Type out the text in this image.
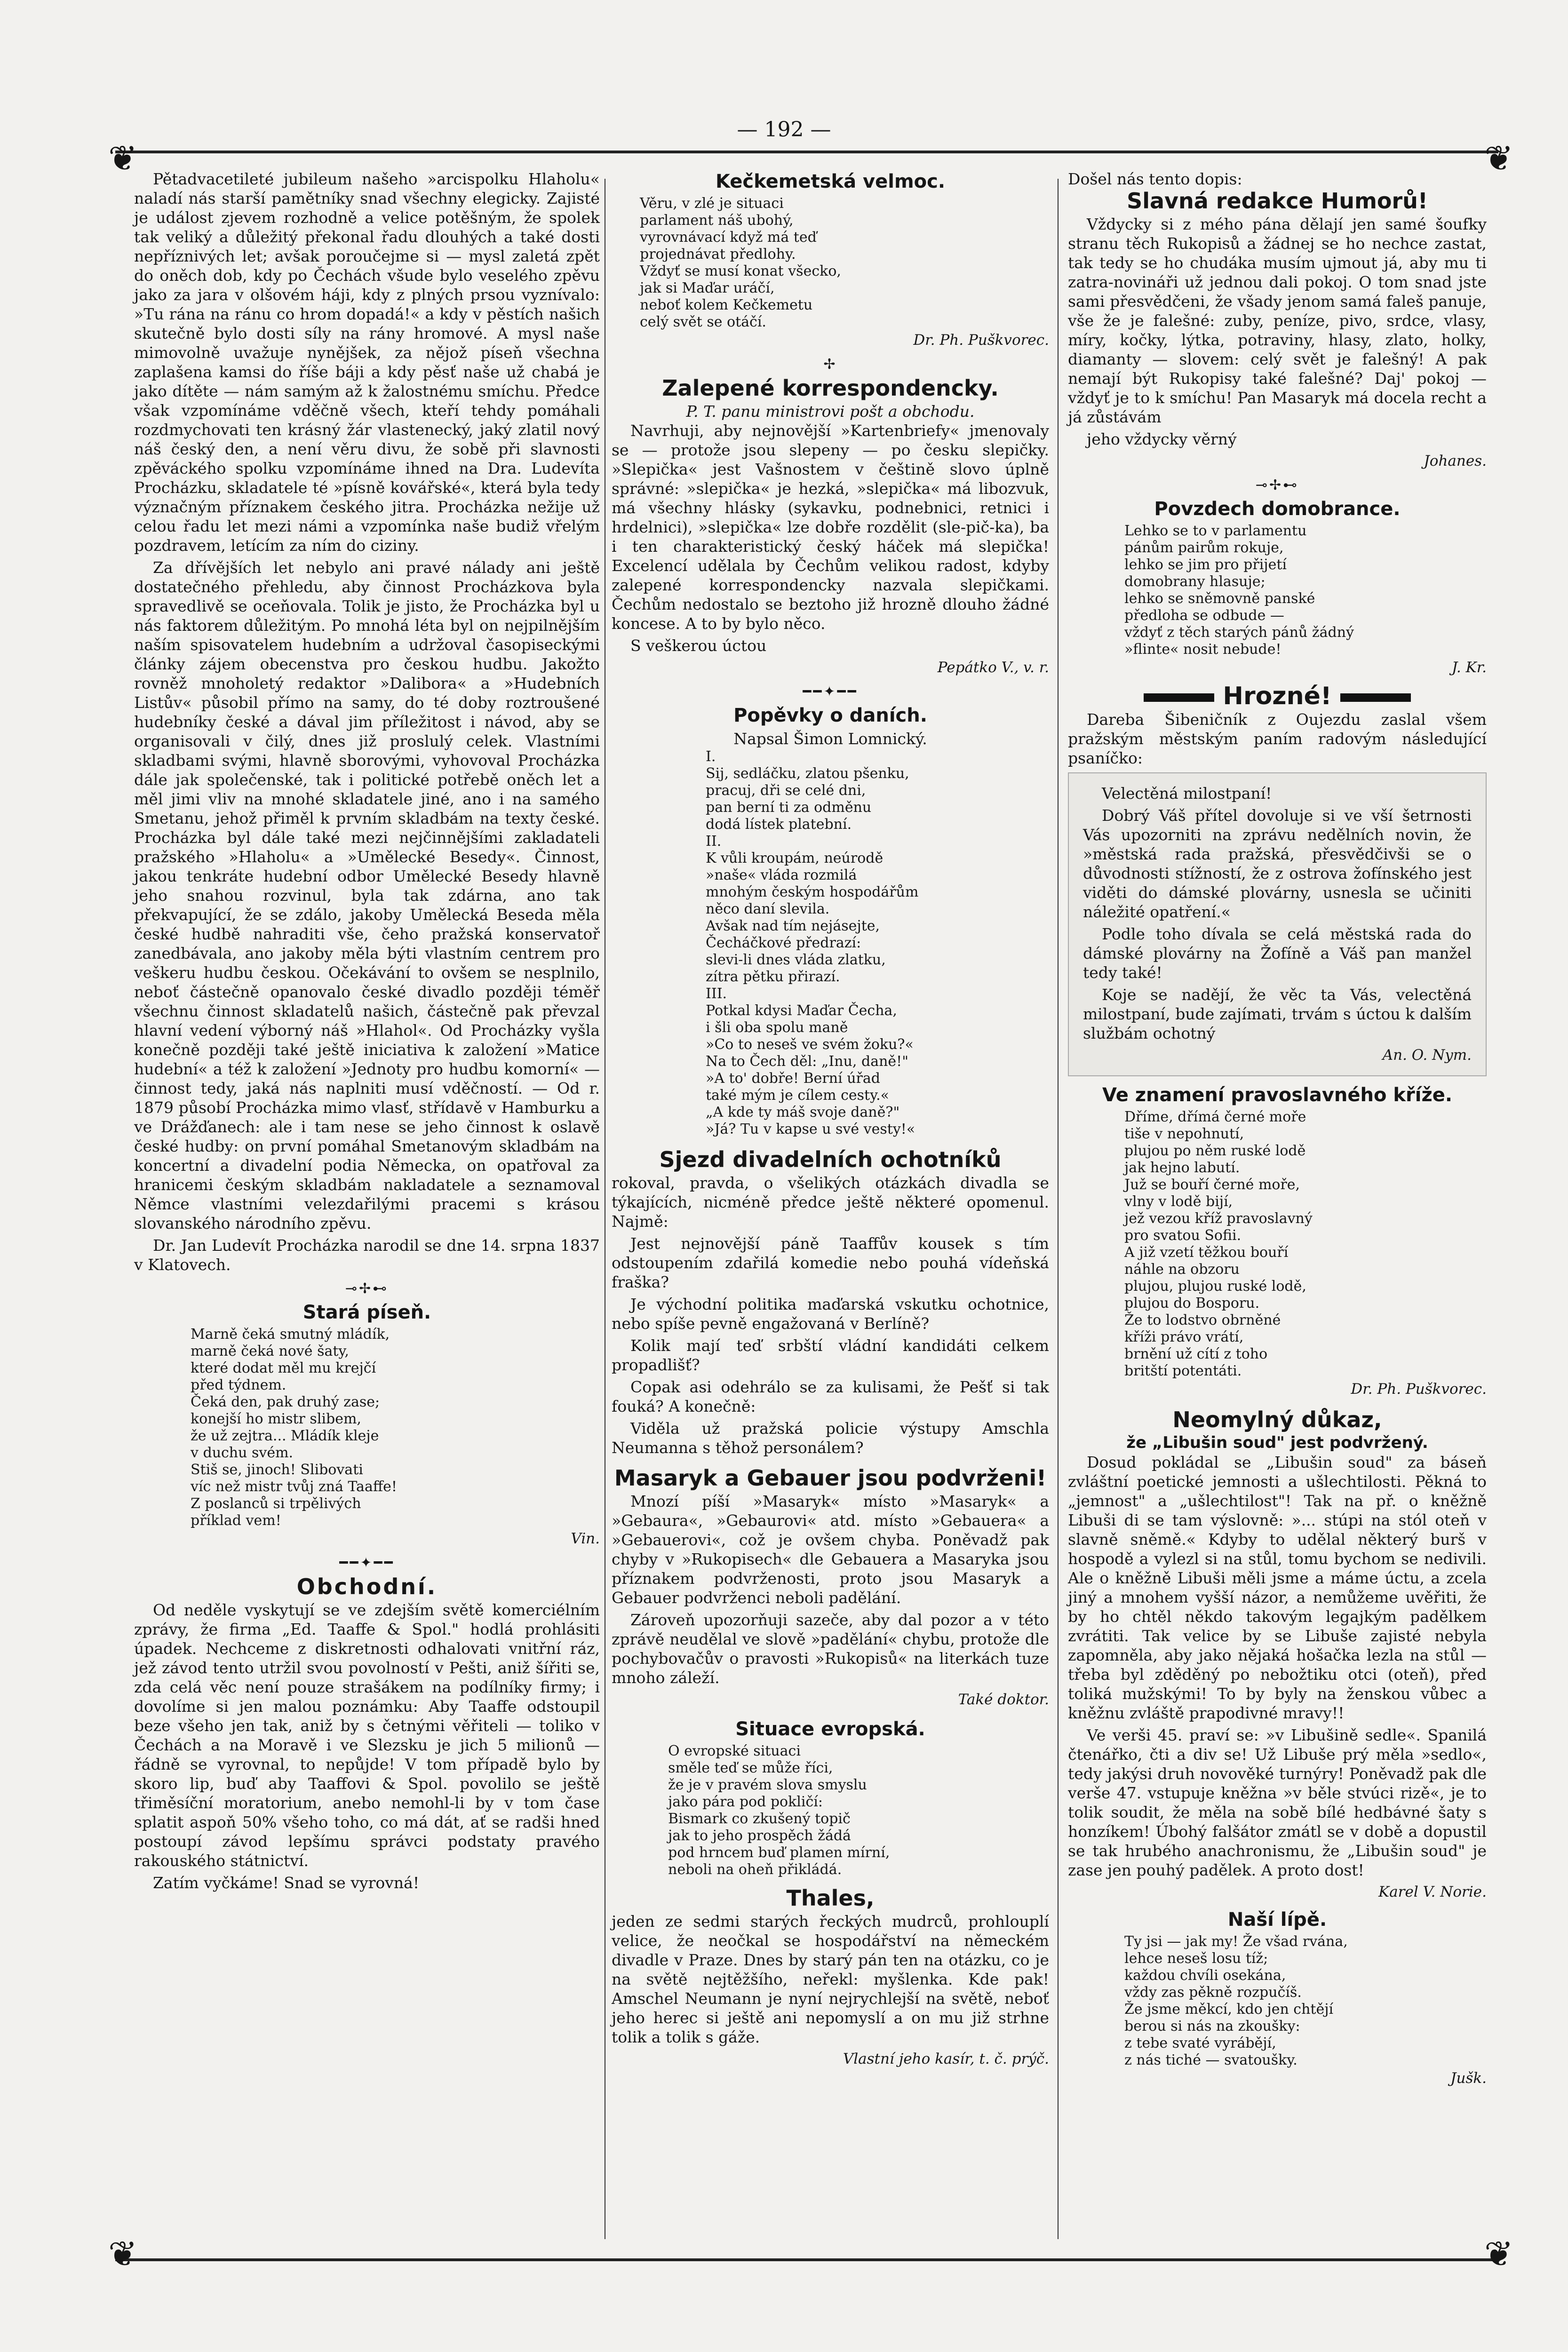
— 192 —
❦	❦
❦	❦

Pětadvacetileté jubileum našeho »arcispolku Hlaholu« naladí nás starší pamětníky snad všechny elegicky. Zajisté je událost zjevem rozhodně a velice potěšným, že spolek tak veliký a důležitý překonal řadu dlouhých a také dosti nepříznivých let; avšak poroučejme si — mysl zaletá zpět do oněch dob, kdy po Čechách všude bylo veselého zpěvu jako za jara v olšovém háji, kdy z plných prsou vyznívalo: »Tu rána na ránu co hrom dopadá!« a kdy v pěstích našich skutečně bylo dosti síly na rány hromové. A mysl naše mimovolně uvažuje nynějšek, za nějož píseň všechna zaplašena kamsi do říše báji a kdy pěsť naše už chabá je jako dítěte — nám samým až k žalostnému smíchu. Předce však vzpomínáme vděčně všech, kteří tehdy pomáhali rozdmychovati ten krásný žár vlastenecký, jaký zlatil nový náš český den, a není věru divu, že sobě při slavnosti zpěváckého spolku vzpomínáme ihned na Dra. Ludevíta Procházku, skladatele té »písně kovářské«, která byla tedy význačným příznakem českého jitra. Procházka nežije už celou řadu let mezi námi a vzpomínka naše budiž vřelým pozdravem, letícím za ním do ciziny.

Za dřívějších let nebylo ani pravé nálady ani ještě dostatečného přehledu, aby činnost Procházkova byla spravedlivě se oceňovala. Tolik je jisto, že Procházka byl u nás faktorem důležitým. Po mnohá léta byl on nejpilnějším naším spisovatelem hudebním a udržoval časopiseckými články zájem obecenstva pro českou hudbu. Jakožto rovněž mnoholetý redaktor »Dalibora« a »Hudebních Listův« působil přímo na samy, do té doby roztroušené hudebníky české a dával jim příležitost i návod, aby se organisovali v čilý, dnes již proslulý celek. Vlastními skladbami svými, hlavně sborovými, vyhovoval Procházka dále jak společenské, tak i politické potřebě oněch let a měl jimi vliv na mnohé skladatele jiné, ano i na samého Smetanu, jehož přiměl k prvním skladbám na texty české. Procházka byl dále také mezi nejčinnějšími zakladateli pražského »Hlaholu« a »Umělecké Besedy«. Činnost, jakou tenkráte hudební odbor Umělecké Besedy hlavně jeho snahou rozvinul, byla tak zdárna, ano tak překvapující, že se zdálo, jakoby Umělecká Beseda měla české hudbě nahraditi vše, čeho pražská konservatoř zanedbávala, ano jakoby měla býti vlastním centrem pro veškeru hudbu českou. Očekávání to ovšem se nesplnilo, neboť částečně opanovalo české divadlo později téměř všechnu činnost skladatelů našich, částečně pak převzal hlavní vedení výborný náš »Hlahol«. Od Procházky vyšla konečně později také ještě iniciativa k založení »Matice hudební« a též k založení »Jednoty pro hudbu komorní« — činnost tedy, jaká nás naplniti musí vděčností. — Od r. 1879 působí Procházka mimo vlasť, střídavě v Hamburku a ve Drážďanech: ale i tam nese se jeho činnost k oslavě české hudby: on první pomáhal Smetanovým skladbám na koncertní a divadelní podia Německa, on opatřoval za hranicemi českým skladbám nakladatele a seznamoval Němce vlastními velezdařilými pracemi s krásou slovanského národního zpěvu.

Dr. Jan Ludevít Procházka narodil se dne 14. srpna 1837 v Klatovech.

⊸✢⊷
Stará píseň.
Marně čeká smutný mládík,
marně čeká nové šaty,
které dodat měl mu krejčí
před týdnem.
Čeká den, pak druhý zase;
konejší ho mistr slibem,
že už zejtra... Mládík kleje
v duchu svém.
Stiš se, jinoch! Slibovati
víc než mistr tvůj zná Taaffe!
Z poslanců si trpělivých
příklad vem!
Vin.
━━✦━━
Obchodní.

Od neděle vyskytují se ve zdejším světě komerciélním zprávy, že firma „Ed. Taaffe & Spol." hodlá prohlásiti úpadek. Nechceme z diskretnosti odhalovati vnitřní ráz, jež závod tento utržil svou povolností v Pešti, aniž šířiti se, zda celá věc není pouze strašákem na podílníky firmy; i dovolíme si jen malou poznámku: Aby Taaffe odstoupil beze všeho jen tak, aniž by s četnými věřiteli — toliko v Čechách a na Moravě i ve Slezsku je jich 5 milionů — řádně se vyrovnal, to nepůjde! V tom případě bylo by skoro lip, buď aby Taaffovi & Spol. povolilo se ještě třiměsíční moratorium, anebo nemohl-li by v tom čase splatit aspoň 50% všeho toho, co má dát, ať se radši hned postoupí závod lepšímu správci podstaty pravého rakouského státnictví.

Zatím vyčkáme! Snad se vyrovná!

Kečkemetská velmoc.
Věru, v zlé je situaci
parlament náš ubohý,
vyrovnávací když má teď
projednávat předlohy.
Vždyť se musí konat všecko,
jak si Maďar uráčí,
neboť kolem Kečkemetu
celý svět se otáčí.
Dr. Ph. Puškvorec.
✢
Zalepené korrespondencky.
P. T. panu ministrovi pošt a obchodu.

Navrhuji, aby nejnovější »Kartenbriefy« jmenovaly se — protože jsou slepeny — po česku slepičky. »Slepička« jest Vašnostem v češtině slovo úplně správné: »slepička« je hezká, »slepička« má libozvuk, má všechny hlásky (sykavku, podnebnici, retnici i hrdelnici), »slepička« lze dobře rozdělit (sle-pič-ka), ba i ten charakteristický český háček má slepička! Excelencí udělala by Čechům velikou radost, kdyby zalepené korrespondencky nazvala slepičkami. Čechům nedostalo se beztoho již hrozně dlouho žádné koncese. A to by bylo něco.

S veškerou úctou

Pepátko V., v. r.
━━✦━━
Popěvky o daních.
Napsal Šimon Lomnický.
I.
Sij, sedláčku, zlatou pšenku,
pracuj, dři se celé dni,
pan berní ti za odměnu
dodá lístek platební.
II.
K vůli kroupám, neúrodě
»naše« vláda rozmilá
mnohým českým hospodářům
něco daní slevila.
Avšak nad tím nejásejte,
Čecháčkové předrazí:
slevi-li dnes vláda zlatku,
zítra pětku přirazí.
III.
Potkal kdysi Maďar Čecha,
i šli oba spolu maně
»Co to neseš ve svém žoku?«
Na to Čech děl: „Inu, daně!"
»A to' dobře! Berní úřad
také mým je cílem cesty.«
„A kde ty máš svoje daně?"
»Já? Tu v kapse u své vesty!«
Sjezd divadelních ochotníků

rokoval, pravda, o všelikých otázkách divadla se týkajících, nicméně předce ještě některé opomenul. Najmě:

Jest nejnovější páně Taaffův kousek s tím odstoupením zdařilá komedie nebo pouhá vídeňská fraška?

Je východní politika maďarská vskutku ochotnice, nebo spíše pevně engažovaná v Berlíně?

Kolik mají teď srbští vládní kandidáti celkem propadlišť?

Copak asi odehrálo se za kulisami, že Pešť si tak fouká? A konečně:

Viděla už pražská policie výstupy Amschla Neumanna s těhož personálem?

Masaryk a Gebauer jsou podvrženi!

Mnozí píší »Masaryk« místo »Masaryk« a »Gebaura«, »Gebaurovi« atd. místo »Gebauera« a »Gebauerovi«, což je ovšem chyba. Poněvadž pak chyby v »Rukopisech« dle Gebauera a Masaryka jsou příznakem podvrženosti, proto jsou Masaryk a Gebauer podvrženci neboli padělání.

Zároveň upozorňuji sazeče, aby dal pozor a v této zprávě neudělal ve slově »padělání« chybu, protože dle pochybovačův o pravosti »Rukopisů« na literkách tuze mnoho záleží.

Také doktor.
Situace evropská.
O evropské situaci
směle teď se může říci,
že je v pravém slova smyslu
jako pára pod pokličí:
Bismark co zkušený topič
jak to jeho prospěch žádá
pod hrncem buď plamen mírní,
neboli na oheň přikládá.
Thales,

jeden ze sedmi starých řeckých mudrců, prohlouplí velice, že neočkal se hospodářství na německém divadle v Praze. Dnes by starý pán ten na otázku, co je na světě nejtěžšího, neřekl: myšlenka. Kde pak! Amschel Neumann je nyní nejrychlejší na světě, neboť jeho herec si ještě ani nepomyslí a on mu již strhne tolik a tolik s gáže.

Vlastní jeho kasír, t. č. prýč.

Došel nás tento dopis:

Slavná redakce Humorů!

Vždycky si z mého pána dělají jen samé šoufky stranu těch Rukopisů a žádnej se ho nechce zastat, tak tedy se ho chudáka musím ujmout já, aby mu ti zatra-novináři už jednou dali pokoj. O tom snad jste sami přesvědčeni, že všady jenom samá faleš panuje, vše že je falešné: zuby, peníze, pivo, srdce, vlasy, míry, kočky, lýtka, potraviny, hlasy, zlato, holky, diamanty — slovem: celý svět je falešný! A pak nemají být Rukopisy také falešné? Daj' pokoj — vždyť je to k smíchu! Pan Masaryk má docela recht a já zůstávám

jeho vždycky věrný

Johanes.
⊸✢⊷
Povzdech domobrance.
Lehko se to v parlamentu
pánům pairům rokuje,
lehko se jim pro přijetí
domobrany hlasuje;
lehko se sněmovně panské
předloha se odbude —
vždyť z těch starých pánů žádný
»flinte« nosit nebude!
J. Kr.
Hrozné!

Dareba Šibeničník z Oujezdu zaslal všem pražským městským paním radovým následující psaníčko:

Velectěná milostpaní!

Dobrý Váš přítel dovoluje si ve vší šetrnosti Vás upozorniti na zprávu nedělních novin, že »městská rada pražská, přesvědčivši se o důvodnosti stížností, že z ostrova žofínského jest viděti do dámské plovárny, usnesla se učiniti náležité opatření.«

Podle toho dívala se celá městská rada do dámské plovárny na Žofíně a Váš pan manžel tedy také!

Koje se nadějí, že věc ta Vás, velectěná milostpaní, bude zajímati, trvám s úctou k dalším službám ochotný

An. O. Nym.
Ve znamení pravoslavného kříže.
Dříme, dřímá černé moře
tiše v nepohnutí,
plujou po něm ruské lodě
jak hejno labutí.
Juž se bouří černé moře,
vlny v lodě bijí,
jež vezou kříž pravoslavný
pro svatou Sofii.
A již vzetí těžkou bouří
náhle na obzoru
plujou, plujou ruské lodě,
plujou do Bosporu.
Že to lodstvo obrněné
kříži právo vrátí,
brnění už cítí z toho
britští potentáti.
Dr. Ph. Puškvorec.
Neomylný důkaz,
že „Libušin soud" jest podvržený.

Dosud pokládal se „Libušin soud" za báseň zvláštní poetické jemnosti a ušlechtilosti. Pěkná to „jemnost" a „ušlechtilost"! Tak na př. o kněžně Libuši di se tam výslovně: »... stúpi na stól oteň v slavně sněmě.« Kdyby to udělal některý burš v hospodě a vylezl si na stůl, tomu bychom se nedivili. Ale o kněžně Libuši měli jsme a máme úctu, a zcela jiný a mnohem vyšší názor, a nemůžeme uvěřiti, že by ho chtěl někdo takovým legajkým padělkem zvrátiti. Tak velice by se Libuše zajisté nebyla zapomněla, aby jako nějaká hošačka lezla na stůl — třeba byl zděděný po nebožtiku otci (oteň), před toliká mužskými! To by byly na ženskou vůbec a kněžnu zvláště prapodivné mravy!!

Ve verši 45. praví se: »v Libušině sedle«. Spanilá čtenářko, čti a div se! Už Libuše prý měla »sedlo«, tedy jakýsi druh novověké turnýry! Poněvadž pak dle verše 47. vstupuje kněžna »v běle stvúci rizě«, je to tolik soudit, že měla na sobě bílé hedbávné šaty s honzíkem! Úbohý falšátor zmátl se v době a dopustil se tak hrubého anachronismu, že „Libušin soud" je zase jen pouhý padělek. A proto dost!

Karel V. Norie.
Naší lípě.
Ty jsi — jak my! Že všad rvána,
lehce neseš losu tíž;
každou chvíli osekána,
vždy zas pěkně rozpučíš.
Že jsme měkcí, kdo jen chtějí
berou si nás na zkoušky:
z tebe svaté vyrábějí,
z nás tiché — svatoušky.
Jušk.
